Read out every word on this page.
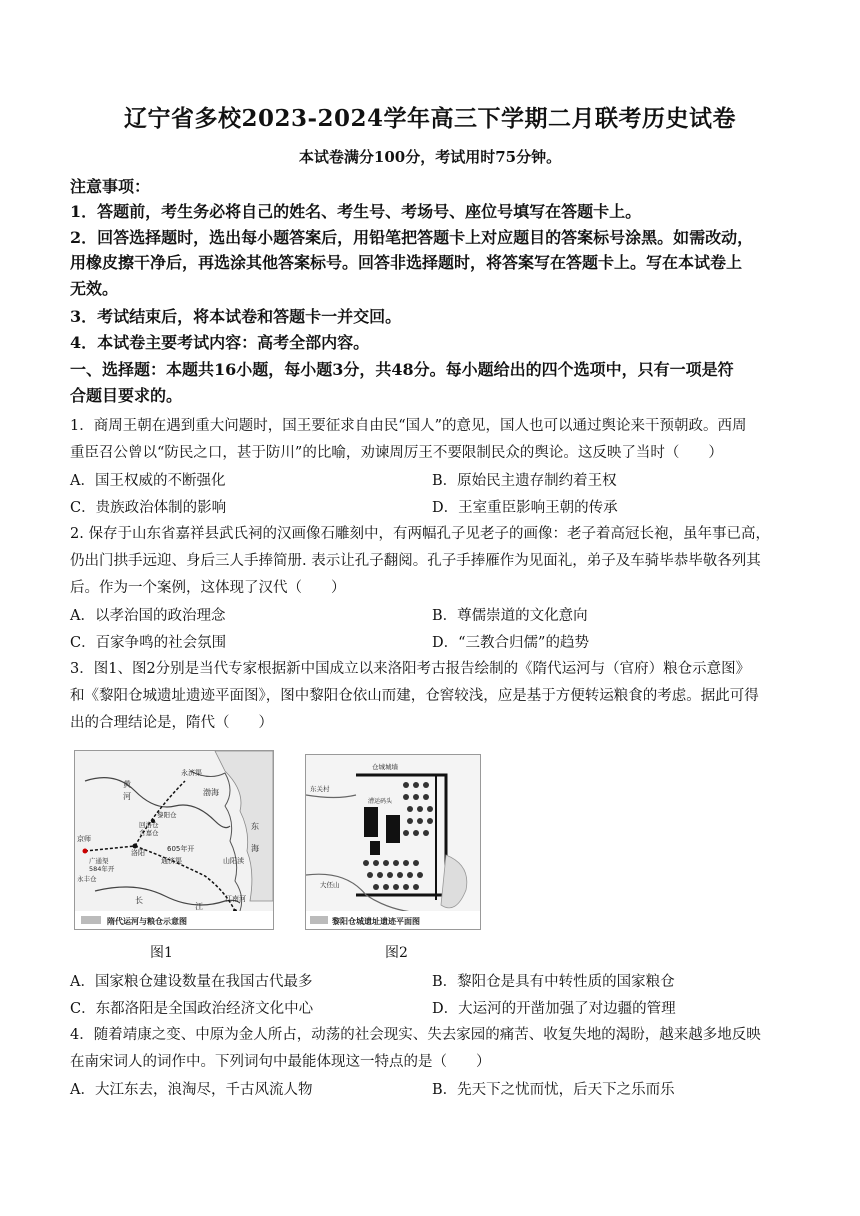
辽宁省多校2023-2024学年高三下学期二月联考历史试卷
本试卷满分100分，考试用时75分钟。
注意事项：
1．答题前，考生务必将自己的姓名、考生号、考场号、座位号填写在答题卡上。
2．回答选择题时，选出每小题答案后，用铅笔把答题卡上对应题目的答案标号涂黑。如需改动，
用橡皮擦干净后，再选涂其他答案标号。回答非选择题时，将答案写在答题卡上。写在本试卷上
无效。
3．考试结束后，将本试卷和答题卡一并交回。
4．本试卷主要考试内容：高考全部内容。
一、选择题：本题共16小题，每小题3分，共48分。每小题给出的四个选项中，只有一项是符
合题目要求的。
1．商周王朝在遇到重大问题时，国王要征求自由民“国人”的意见，国人也可以通过舆论来干预朝政。西周
重臣召公曾以“防民之口，甚于防川”的比喻，劝谏周厉王不要限制民众的舆论。这反映了当时（　　）
A．国王权威的不断强化	B．原始民主遗存制约着王权
C．贵族政治体制的影响	D．王室重臣影响王朝的传承
2. 保存于山东省嘉祥县武氏祠的汉画像石雕刻中，有两幅孔子见老子的画像：老子着高冠长袍，虽年事已高，
仍出门拱手远迎、身后三人手捧简册. 表示让孔子翻阅。孔子手捧雁作为见面礼，弟子及车骑毕恭毕敬各列其
后。作为一个案例，这体现了汉代（　　）
A．以孝治国的政治理念	B．尊儒崇道的文化意向
C．百家争鸣的社会氛围	D．“三教合归儒”的趋势
3．图1、图2分别是当代专家根据新中国成立以来洛阳考古报告绘制的《隋代运河与（官府）粮仓示意图》
和《黎阳仓城遗址遗迹平面图》，图中黎阳仓依山而建，仓窖较浅，应是基于方便转运粮食的考虑。据此可得
出的合理结论是，隋代（　　）
渤海
东
海
黄
河
永济渠
通济渠
605年开
山阳渎
江南河
长
江
洛阳
回洛仓
含嘉仓
黎阳仓
京师
广通渠
584年开
永丰仓
隋代运河与粮仓示意图
图1
仓城城墙
东关村
漕运码头
大伾山
黎阳仓城遗址遗迹平面图
图2
A．国家粮仓建设数量在我国古代最多	B．黎阳仓是具有中转性质的国家粮仓
C．东都洛阳是全国政治经济文化中心	D．大运河的开凿加强了对边疆的管理
4．随着靖康之变、中原为金人所占，动荡的社会现实、失去家园的痛苦、收复失地的渴盼，越来越多地反映
在南宋词人的词作中。下列词句中最能体现这一特点的是（　　）
A．大江东去，浪淘尽，千古风流人物	B．先天下之忧而忧，后天下之乐而乐
